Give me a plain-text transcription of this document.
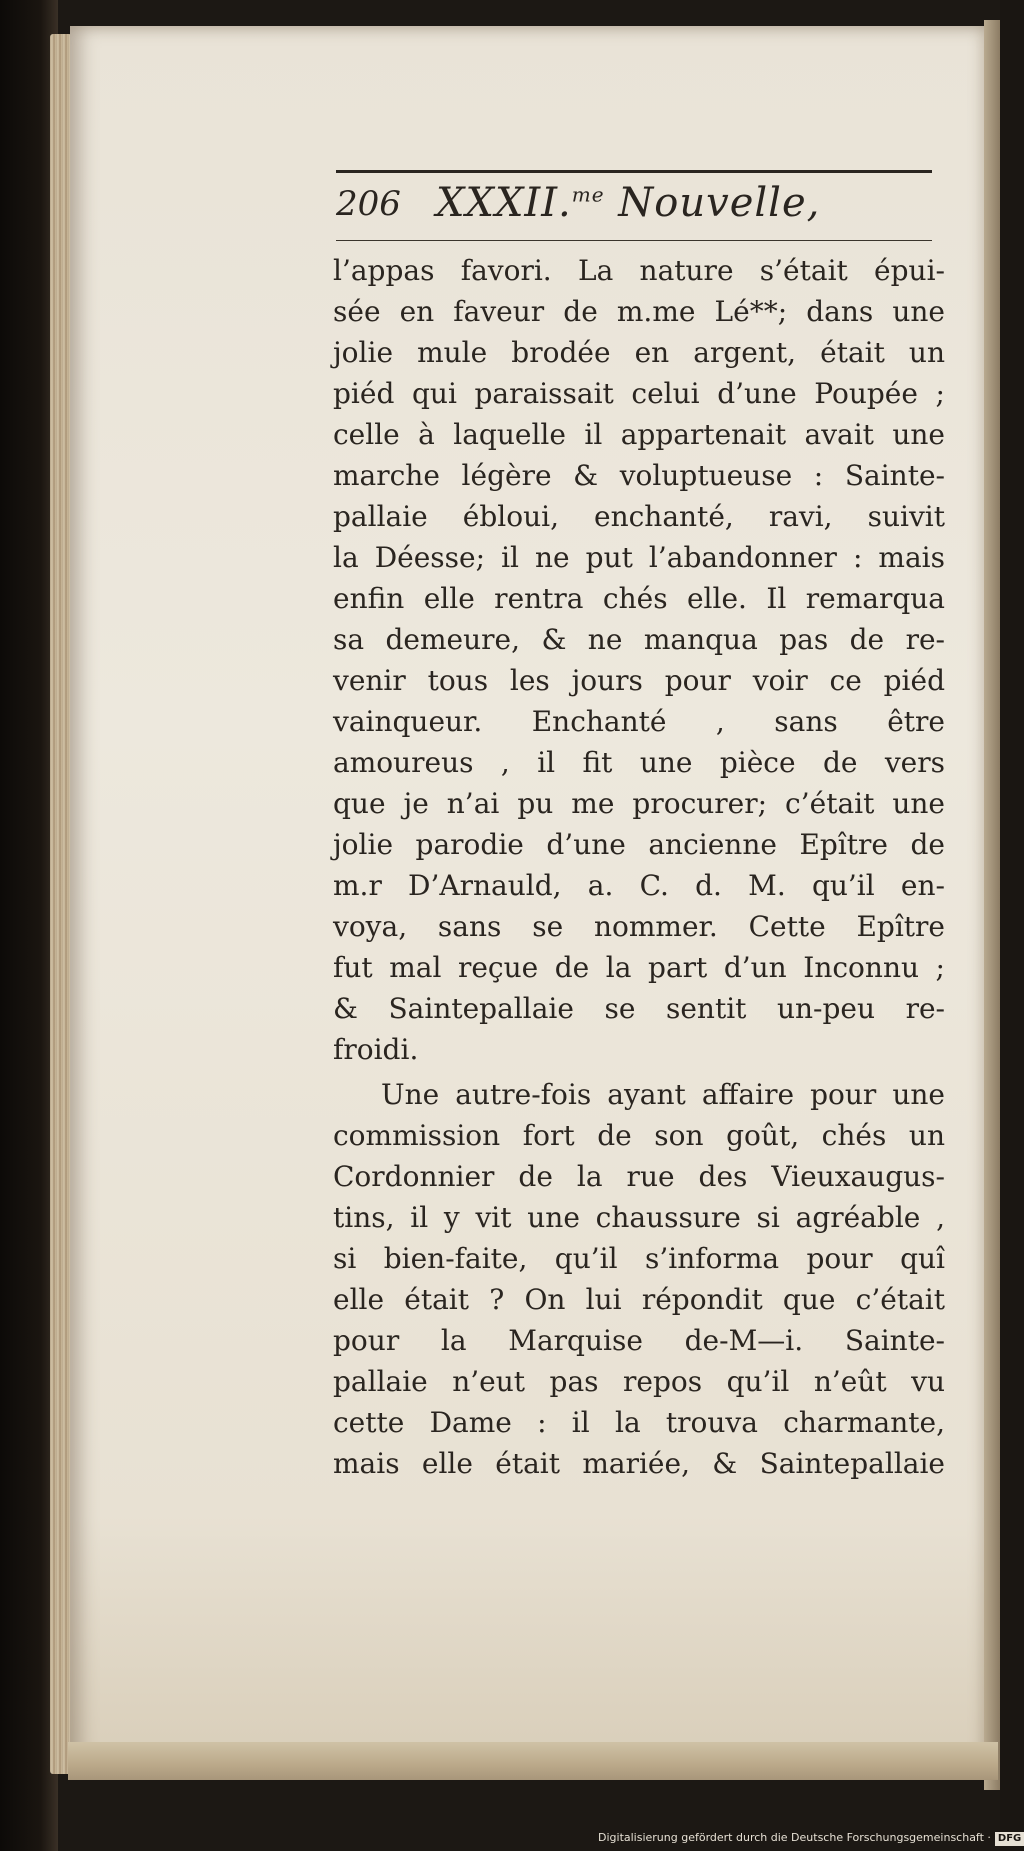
206 XXXII.$^{me}$ Nouvelle,
l’appas favori. La nature s’était épui-
sée en faveur de m.me Lé**; dans une
jolie mule brodée en argent, était un
piéd qui paraissait celui d’une Poupée ;
celle à laquelle il appartenait avait une
marche légère & voluptueuse : Sainte-
pallaie ébloui, enchanté, ravi, suivit
la Déesse; il ne put l’abandonner : mais
enfin elle rentra chés elle. Il remarqua
sa demeure, & ne manqua pas de re-
venir tous les jours pour voir ce piéd
vainqueur. Enchanté , sans être
amoureus , il fit une pièce de vers
que je n’ai pu me procurer; c’était une
jolie parodie d’une ancienne Epître de
m.r D’Arnauld, a. C. d. M. qu’il en-
voya, sans se nommer. Cette Epître
fut mal reçue de la part d’un Inconnu ;
& Saintepallaie se sentit un-peu re-
froidi.
Une autre-fois ayant affaire pour une
commission fort de son goût, chés un
Cordonnier de la rue des Vieuxaugus-
tins, il y vit une chaussure si agréable ,
si bien-faite, qu’il s’informa pour quî
elle était ? On lui répondit que c’était
pour la Marquise de-M—i. Sainte-
pallaie n’eut pas repos qu’il n’eût vu
cette Dame : il la trouva charmante,
mais elle était mariée, & Saintepallaie
Digitalisierung gefördert durch die Deutsche Forschungsgemeinschaft · DFG
